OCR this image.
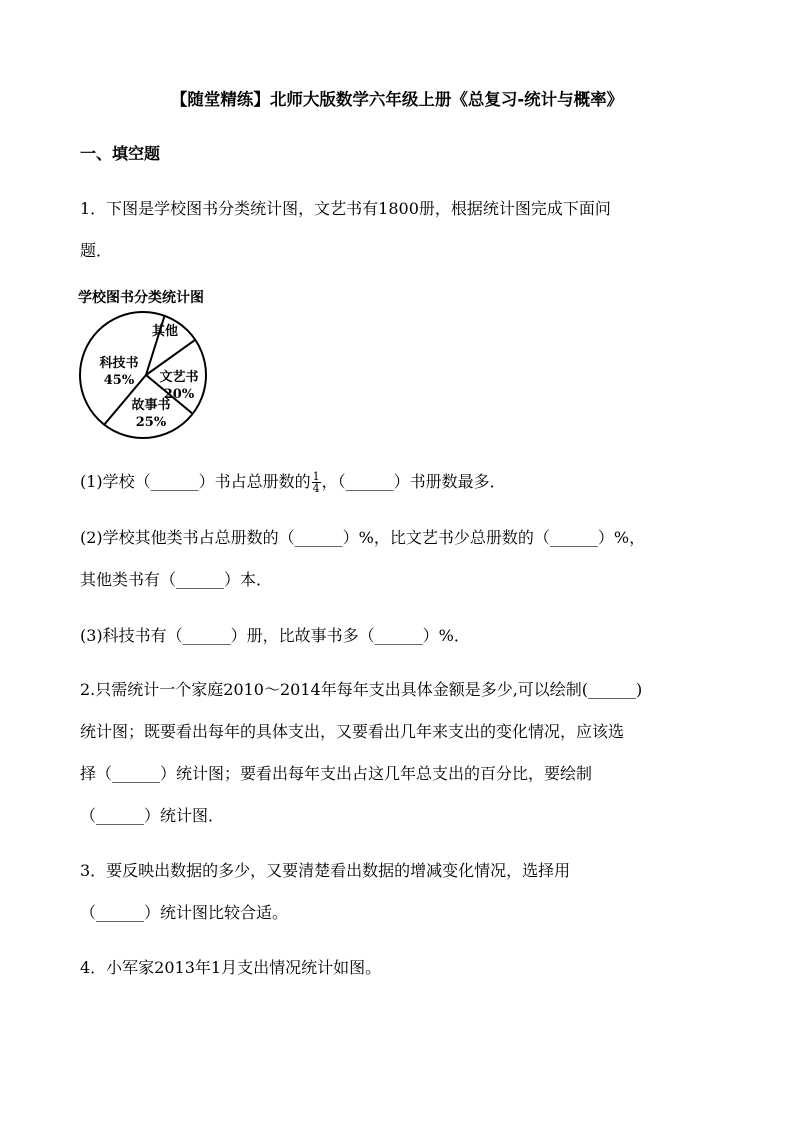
【随堂精练】北师大版数学六年级上册《总复习-统计与概率》
一、填空题
1．下图是学校图书分类统计图，文艺书有1800册，根据统计图完成下面问
题．
学校图书分类统计图
其他
文艺书
20%
故事书
25%
科技书
45%
(1)学校（______）书占总册数的 $\frac{1}{4}$ ，（______）书册数最多．
(2)学校其他类书占总册数的（______）%，比文艺书少总册数的（______）%，
其他类书有（______）本．
(3)科技书有（______）册，比故事书多（______）%．
2.只需统计一个家庭2010～2014年每年支出具体金额是多少,可以绘制(______)
统计图；既要看出每年的具体支出，又要看出几年来支出的变化情况，应该选
择（______）统计图；要看出每年支出占这几年总支出的百分比，要绘制
（______）统计图．
3．要反映出数据的多少，又要清楚看出数据的增减变化情况，选择用
（______）统计图比较合适。
4．小军家2013年1月支出情况统计如图。
